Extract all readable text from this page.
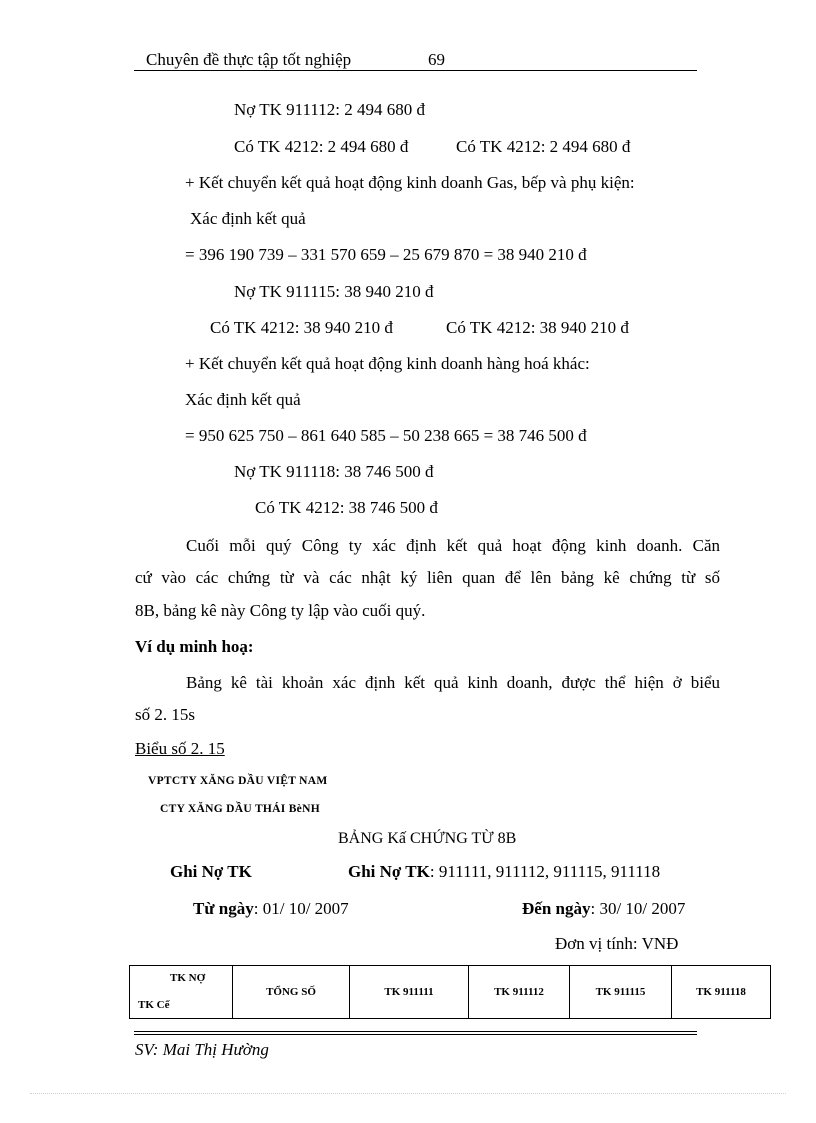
Chuyên đề thực tập tốt nghiệp	69
Nợ TK 911112: 2 494 680 đ
Có TK 4212: 2 494 680 đ	Có TK 4212: 2 494 680 đ
+ Kết chuyển kết quả hoạt động kinh doanh Gas, bếp và phụ kiện:
Xác định kết quả
= 396 190 739 – 331 570 659 – 25 679 870 = 38 940 210 đ
Nợ TK 911115: 38 940 210 đ
Có TK 4212: 38 940 210 đ	Có TK 4212: 38 940 210 đ
+ Kết chuyển kết quả hoạt động kinh doanh hàng hoá khác:
Xác định kết quả
= 950 625 750 – 861 640 585 – 50 238 665 = 38 746 500 đ
Nợ TK 911118: 38 746 500 đ
Có TK 4212: 38 746 500 đ
Cuối mỗi quý Công ty xác định kết quả hoạt động kinh doanh. Căn
cứ vào các chứng từ và các nhật ký liên quan để lên bảng kê chứng từ số
8B, bảng kê này Công ty lập vào cuối quý.
Ví dụ minh hoạ:
Bảng kê tài khoản xác định kết quả kinh doanh, được thể hiện ở biểu
số 2. 15s
Biểu số 2. 15
VPTCTY XĂNG DẦU VIỆT NAM
CTY XĂNG DẦU THÁI BèNH
BẢNG Kấ CHỨNG TỪ 8B
Ghi Nợ TK	Ghi Nợ TK: 911111, 911112, 911115, 911118
Từ ngày: 01/ 10/ 2007	Đến ngày: 30/ 10/ 2007
Đơn vị tính: VNĐ
TK NỢ
TK Cể
	TỔNG SỐ	TK 911111	TK 911112	TK 911115	TK 911118
SV: Mai Thị Hường
